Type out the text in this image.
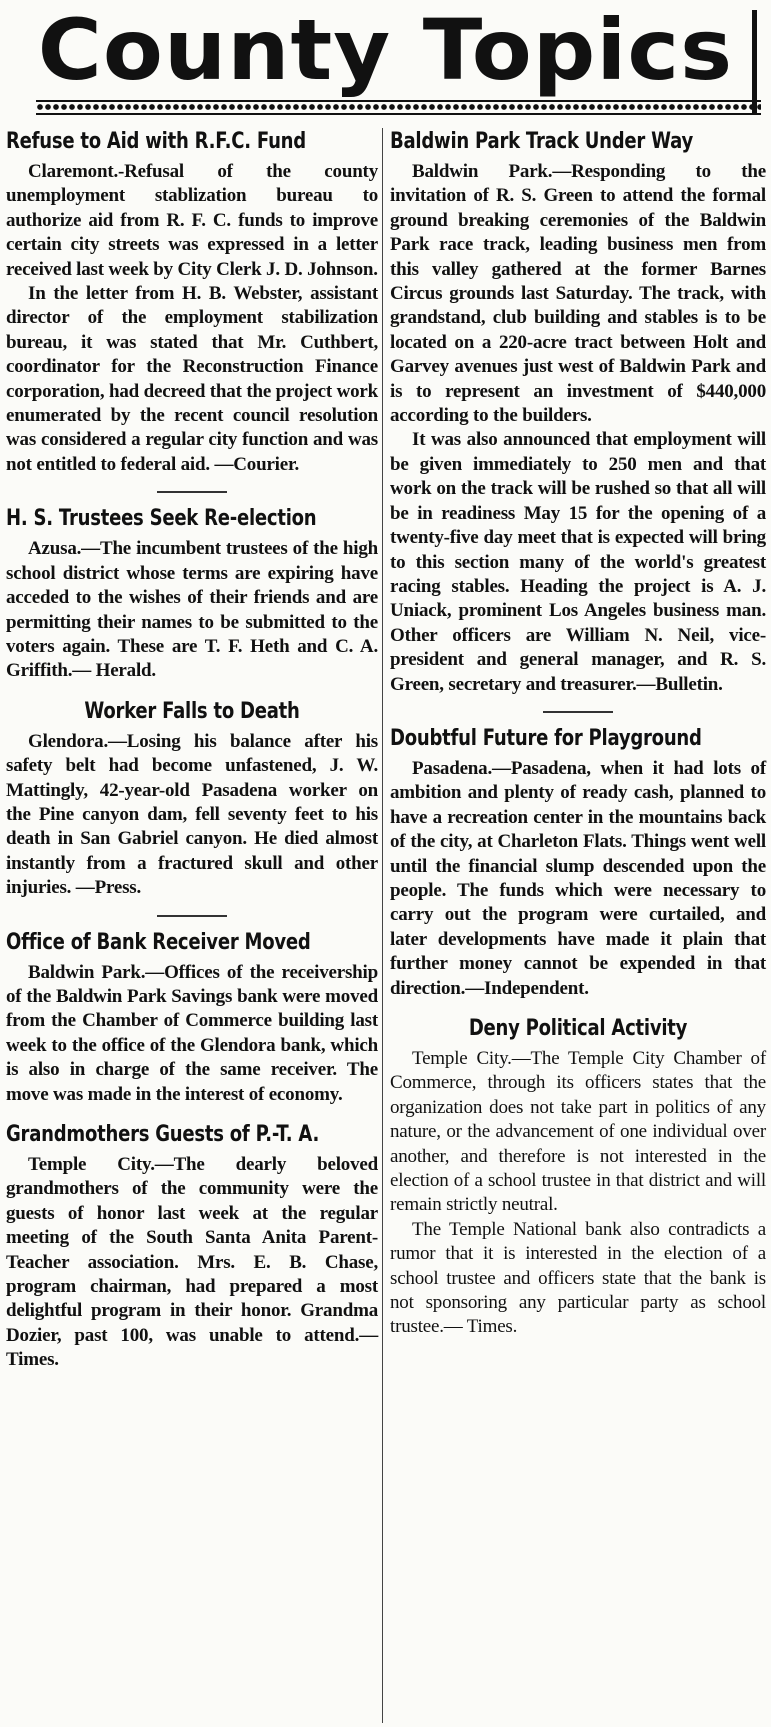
County Topics
Refuse to Aid with R.F.C. Fund

Claremont.-Refusal of the county unemployment stablization bureau to authorize aid from R. F. C. funds to improve certain city streets was expressed in a letter received last week by City Clerk J. D. Johnson.

In the letter from H. B. Webster, assistant director of the employment stabilization bureau, it was stated that Mr. Cuthbert, coordinator for the Reconstruction Finance corporation, had decreed that the project work enumerated by the recent council resolution was considered a regular city function and was not entitled to federal aid. —Courier.

H. S. Trustees Seek Re-election

Azusa.—The incumbent trustees of the high school district whose terms are expiring have acceded to the wishes of their friends and are permitting their names to be submitted to the voters again. These are T. F. Heth and C. A. Griffith.— Herald.

Worker Falls to Death

Glendora.—Losing his balance after his safety belt had become unfastened, J. W. Mattingly, 42-year-old Pasadena worker on the Pine canyon dam, fell seventy feet to his death in San Gabriel canyon. He died almost instantly from a fractured skull and other injuries. —Press.

Office of Bank Receiver Moved

Baldwin Park.—Offices of the receivership of the Baldwin Park Savings bank were moved from the Chamber of Commerce building last week to the office of the Glendora bank, which is also in charge of the same receiver. The move was made in the interest of economy.

Grandmothers Guests of P.-T. A.

Temple City.—The dearly beloved grandmothers of the community were the guests of honor last week at the regular meeting of the South Santa Anita Parent-Teacher association. Mrs. E. B. Chase, program chairman, had prepared a most delightful program in their honor. Grandma Dozier, past 100, was unable to attend.—Times.

Baldwin Park Track Under Way

Baldwin Park.—Responding to the invitation of R. S. Green to attend the formal ground breaking ceremonies of the Baldwin Park race track, leading business men from this valley gathered at the former Barnes Circus grounds last Saturday. The track, with grandstand, club building and stables is to be located on a 220-acre tract between Holt and Garvey avenues just west of Baldwin Park and is to represent an investment of $440,000 according to the builders.

It was also announced that employment will be given immediately to 250 men and that work on the track will be rushed so that all will be in readiness May 15 for the opening of a twenty-five day meet that is expected will bring to this section many of the world's greatest racing stables. Heading the project is A. J. Uniack, prominent Los Angeles business man. Other officers are William N. Neil, vice-president and general manager, and R. S. Green, secretary and treasurer.—Bulletin.

Doubtful Future for Playground

Pasadena.—Pasadena, when it had lots of ambition and plenty of ready cash, planned to have a recreation center in the mountains back of the city, at Charleton Flats. Things went well until the financial slump descended upon the people. The funds which were necessary to carry out the program were curtailed, and later developments have made it plain that further money cannot be expended in that direction.—Independent.

Deny Political Activity

Temple City.—The Temple City Chamber of Commerce, through its officers states that the organization does not take part in politics of any nature, or the advancement of one individual over another, and therefore is not interested in the election of a school trustee in that district and will remain strictly neutral.

The Temple National bank also contradicts a rumor that it is interested in the election of a school trustee and officers state that the bank is not sponsoring any particular party as school trustee.— Times.
